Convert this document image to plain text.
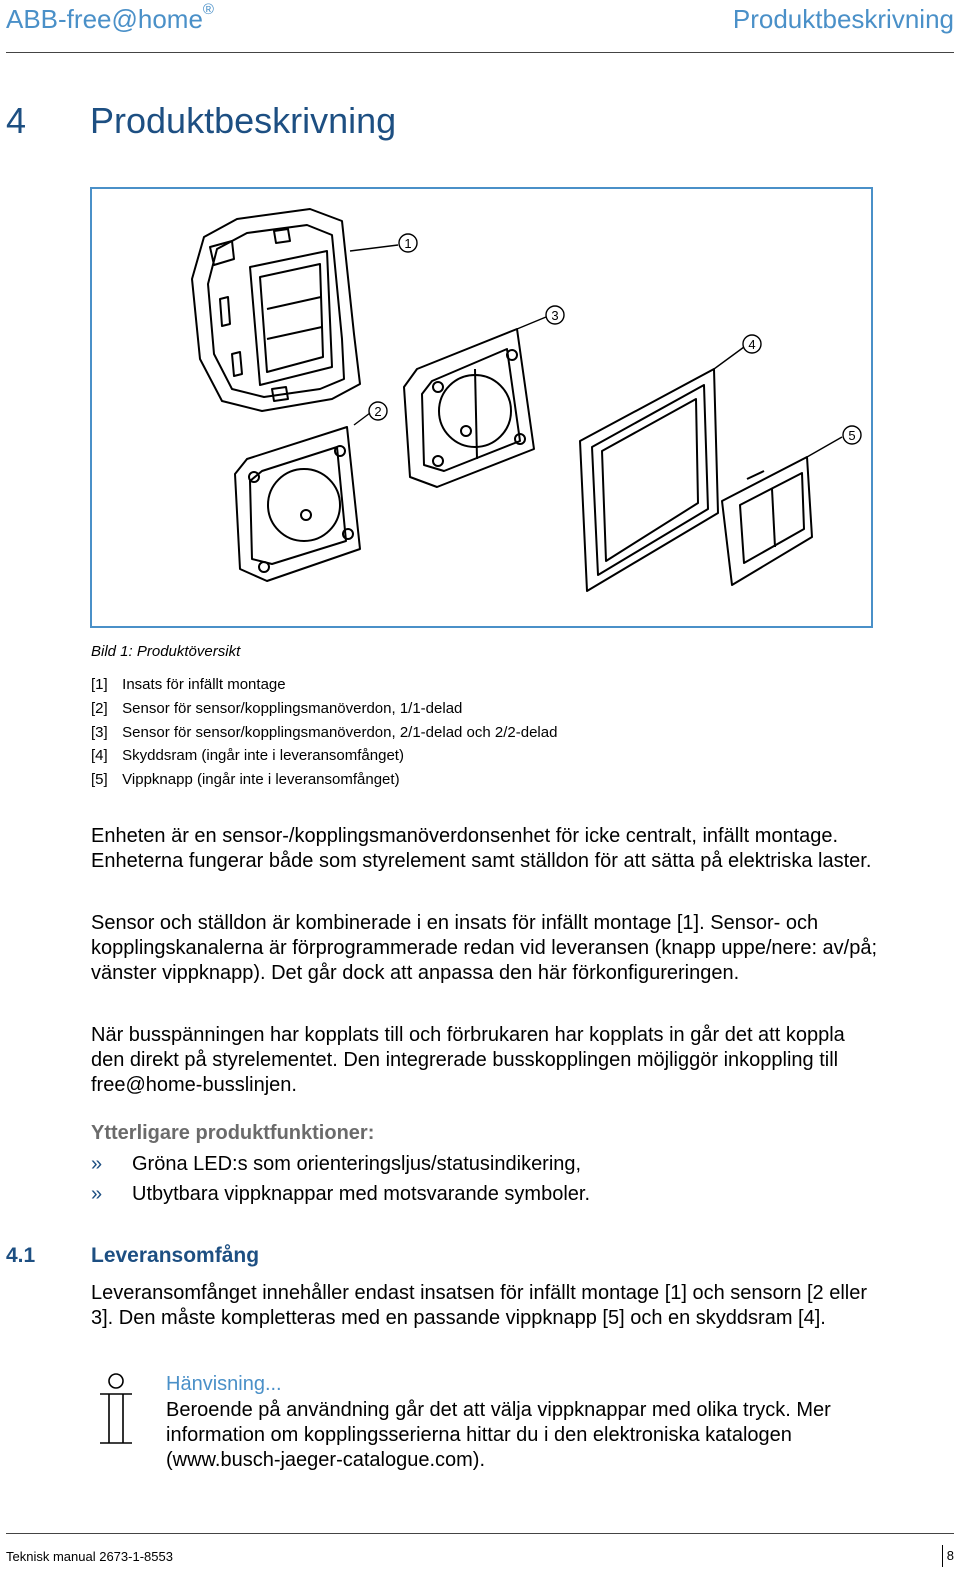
ABB-free@home®	Produktbeskrivning
4 Produktbeskrivning
1
2
3
4
5
Bild 1: Produktöversikt
[1] Insats för infällt montage
[2] Sensor för sensor/kopplingsmanöverdon, 1/1-delad
[3] Sensor för sensor/kopplingsmanöverdon, 2/1-delad och 2/2-delad
[4] Skyddsram (ingår inte i leveransomfånget)
[5] Vippknapp (ingår inte i leveransomfånget)
Enheten är en sensor-/kopplingsmanöverdonsenhet för icke centralt, infällt montage. Enheterna fungerar både som styrelement samt ställdon för att sätta på elektriska laster.
Sensor och ställdon är kombinerade i en insats för infällt montage [1]. Sensor- och kopplingskanalerna är förprogrammerade redan vid leveransen (knapp uppe/nere: av/på; vänster vippknapp). Det går dock att anpassa den här förkonfigureringen.
När busspänningen har kopplats till och förbrukaren har kopplats in går det att koppla den direkt på styrelementet. Den integrerade busskopplingen möjliggör inkoppling till free@home-busslinjen.
Ytterligare produktfunktioner:
» Gröna LED:s som orienteringsljus/statusindikering,
» Utbytbara vippknappar med motsvarande symboler.
4.1	Leveransomfång
Leveransomfånget innehåller endast insatsen för infällt montage [1] och sensorn [2 eller 3]. Den måste kompletteras med en passande vippknapp [5] och en skyddsram [4].
Hänvisning...
Beroende på användning går det att välja vippknappar med olika tryck. Mer information om kopplingsserierna hittar du i den elektroniska katalogen (www.busch-jaeger-catalogue.com).
Teknisk manual 2673-1-8553	8
